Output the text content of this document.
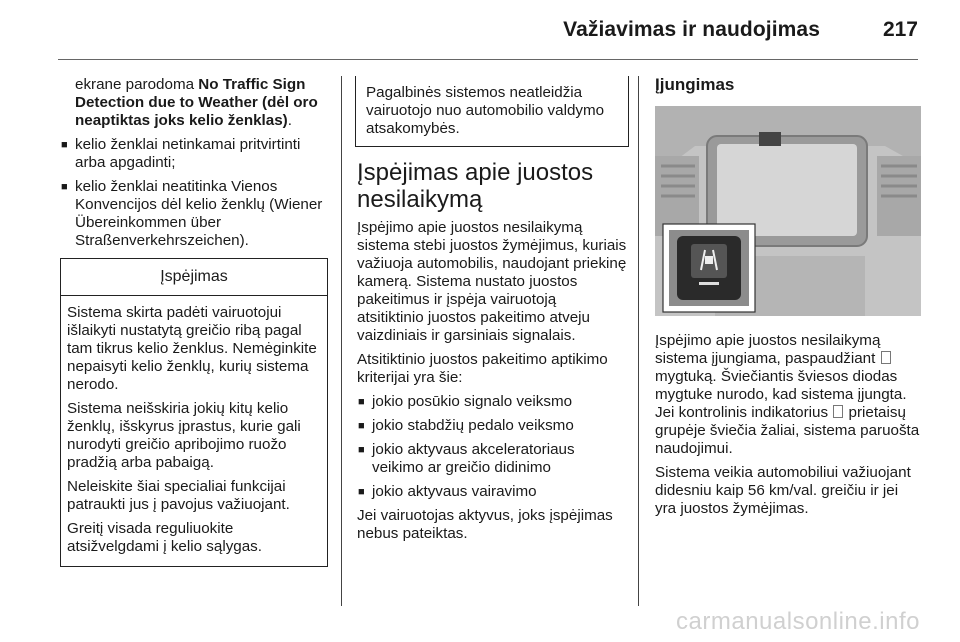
Važiavimas ir naudojimas	217

ekrane parodoma No Traffic Sign Detection due to Weather (dėl oro neaptiktas joks kelio ženklas).

■ kelio ženklai netinkamai pritvirtinti arba apgadinti;
■ kelio ženklai neatitinka Vienos Konvencijos dėl kelio ženklų (Wiener Übereinkommen über Straßenverkehrszeichen).
Įspėjimas

Sistema skirta padėti vairuotojui išlaikyti nustatytą greičio ribą pagal tam tikrus kelio ženklus. Nemėginkite nepaisyti kelio ženklų, kurių sistema nerodo.

Sistema neišskiria jokių kitų kelio ženklų, išskyrus įprastus, kurie gali nurodyti greičio apribojimo ruožo pradžią arba pabaigą.

Neleiskite šiai specialiai funkcijai patraukti jus į pavojus važiuojant.

Greitį visada reguliuokite atsižvelgdami į kelio sąlygas.

Pagalbinės sistemos neatleidžia vairuotojo nuo automobilio valdymo atsakomybės.
Įspėjimas apie juostos nesilaikymą

Įspėjimo apie juostos nesilaikymą sistema stebi juostos žymėjimus, kuriais važiuoja automobilis, naudojant priekinę kamerą. Sistema nustato juostos pakeitimus ir įspėja vairuotoją atsitiktinio juostos pakeitimo atveju vaizdiniais ir garsiniais signalais.

Atsitiktinio juostos pakeitimo aptikimo kriterijai yra šie:

■ jokio posūkio signalo veiksmo
■ jokio stabdžių pedalo veiksmo
■ jokio aktyvaus akceleratoriaus veikimo ar greičio didinimo
■ jokio aktyvaus vairavimo

Jei vairuotojas aktyvus, joks įspėjimas nebus pateiktas.

Įjungimas

Įspėjimo apie juostos nesilaikymą sistema įjungiama, paspaudžiant  mygtuką. Šviečiantis šviesos diodas mygtuke nurodo, kad sistema įjungta. Jei kontrolinis indikatorius  prietaisų grupėje šviečia žaliai, sistema paruošta naudojimui.

Sistema veikia automobiliui važiuojant didesniu kaip 56 km/val. greičiu ir jei yra juostos žymėjimas.

carmanualsonline.info
